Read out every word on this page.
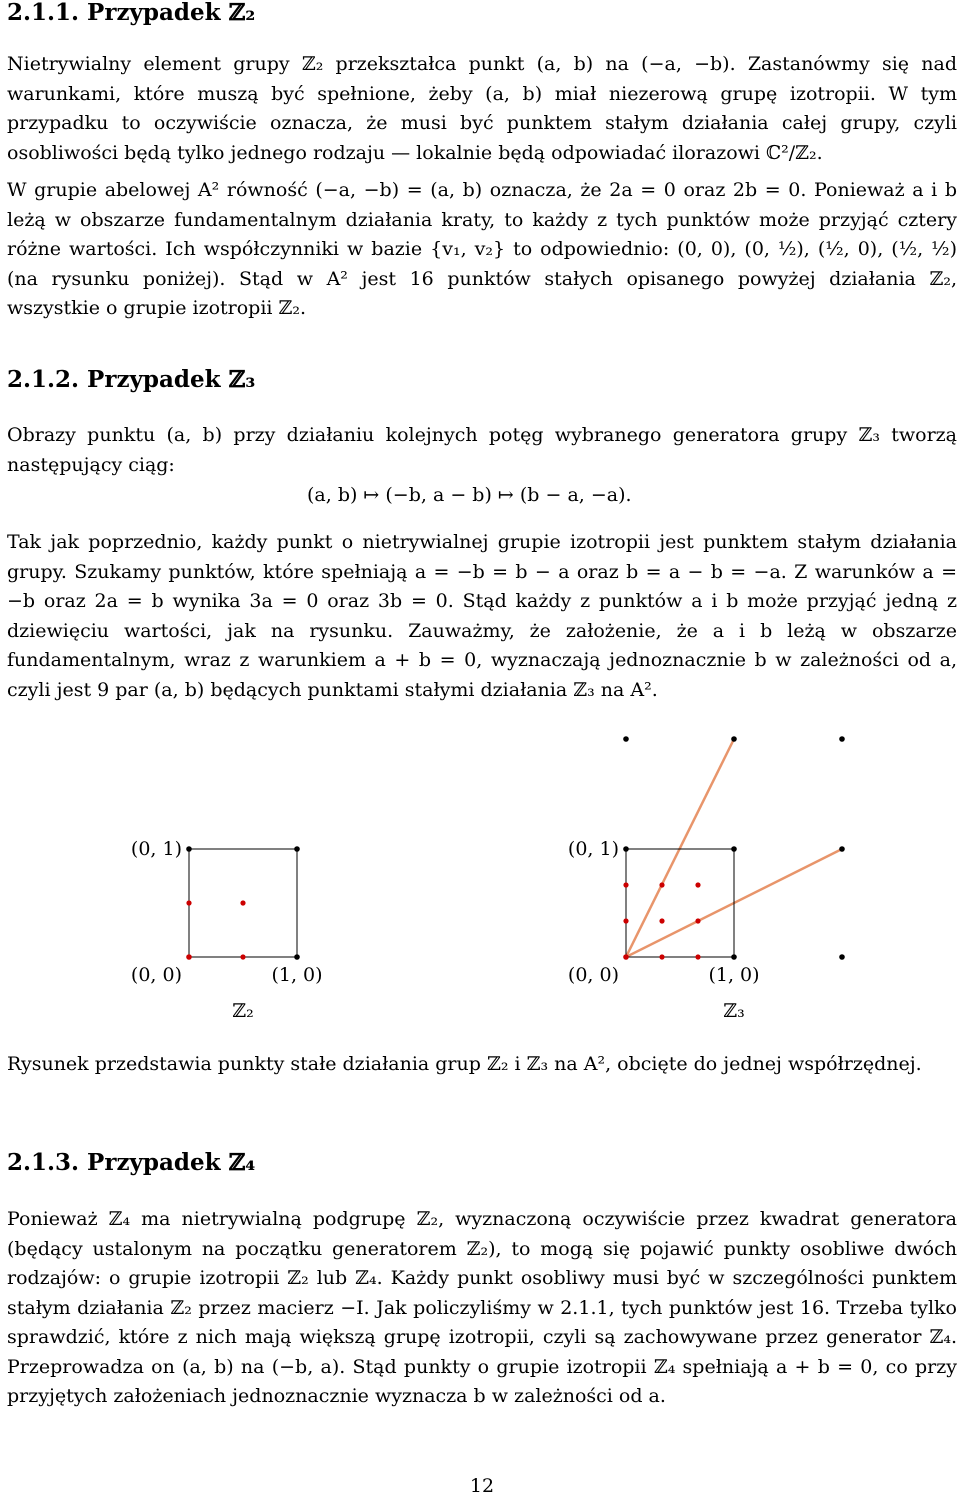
2.1.1. Przypadek ℤ₂

Nietrywialny element grupy ℤ₂ przekształca punkt (a, b) na (−a, −b). Zastanówmy się nad warunkami, które muszą być spełnione, żeby (a, b) miał niezerową grupę izotropii. W tym przypadku to oczywiście oznacza, że musi być punktem stałym działania całej grupy, czyli osobliwości będą tylko jednego rodzaju — lokalnie będą odpowiadać ilorazowi ℂ²/ℤ₂.

W grupie abelowej A² równość (−a, −b) = (a, b) oznacza, że 2a = 0 oraz 2b = 0. Ponieważ a i b leżą w obszarze fundamentalnym działania kraty, to każdy z tych punktów może przyjąć cztery różne wartości. Ich współczynniki w bazie {v₁, v₂} to odpowiednio: (0, 0), (0, ½), (½, 0), (½, ½) (na rysunku poniżej). Stąd w A² jest 16 punktów stałych opisanego powyżej działania ℤ₂, wszystkie o grupie izotropii ℤ₂.

2.1.2. Przypadek ℤ₃

Obrazy punktu (a, b) przy działaniu kolejnych potęg wybranego generatora grupy ℤ₃ tworzą następujący ciąg:

(a, b) ↦ (−b, a − b) ↦ (b − a, −a).

Tak jak poprzednio, każdy punkt o nietrywialnej grupie izotropii jest punktem stałym działania grupy. Szukamy punktów, które spełniają a = −b = b − a oraz b = a − b = −a. Z warunków a = −b oraz 2a = b wynika 3a = 0 oraz 3b = 0. Stąd każdy z punktów a i b może przyjąć jedną z dziewięciu wartości, jak na rysunku. Zauważmy, że założenie, że a i b leżą w obszarze fundamentalnym, wraz z warunkiem a + b = 0, wyznaczają jednoznacznie b w zależności od a, czyli jest 9 par (a, b) będących punktami stałymi działania ℤ₃ na A².

(0, 1)
(0, 0)	(1, 0)
ℤ₂
(0, 1)
(0, 0)	(1, 0)
ℤ₃

Rysunek przedstawia punkty stałe działania grup ℤ₂ i ℤ₃ na A², obcięte do jednej współrzędnej.

2.1.3. Przypadek ℤ₄

Ponieważ ℤ₄ ma nietrywialną podgrupę ℤ₂, wyznaczoną oczywiście przez kwadrat generatora (będący ustalonym na początku generatorem ℤ₂), to mogą się pojawić punkty osobliwe dwóch rodzajów: o grupie izotropii ℤ₂ lub ℤ₄. Każdy punkt osobliwy musi być w szczególności punktem stałym działania ℤ₂ przez macierz −I. Jak policzyliśmy w 2.1.1, tych punktów jest 16. Trzeba tylko sprawdzić, które z nich mają większą grupę izotropii, czyli są zachowywane przez generator ℤ₄. Przeprowadza on (a, b) na (−b, a). Stąd punkty o grupie izotropii ℤ₄ spełniają a + b = 0, co przy przyjętych założeniach jednoznacznie wyznacza b w zależności od a.

12
